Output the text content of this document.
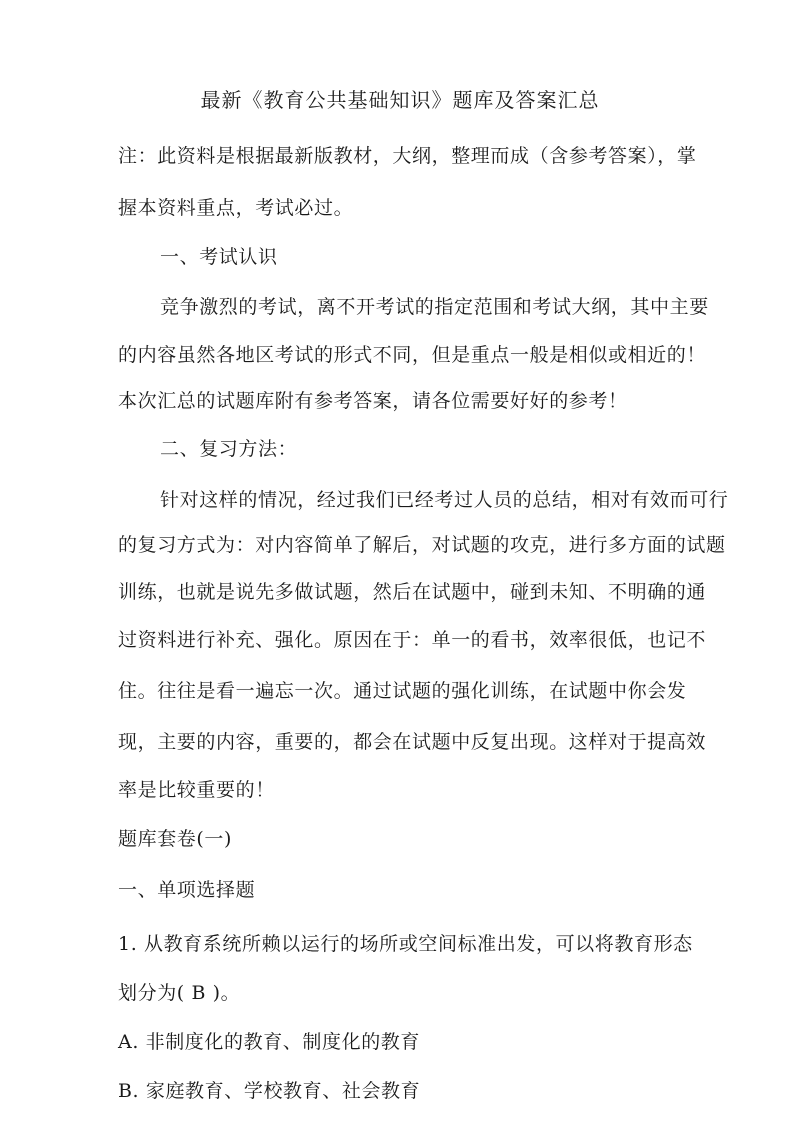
最新《教育公共基础知识》题库及答案汇总
注：此资料是根据最新版教材，大纲，整理而成（含参考答案），掌
握本资料重点，考试必过。
一、考试认识
竞争激烈的考试，离不开考试的指定范围和考试大纲，其中主要
的内容虽然各地区考试的形式不同，但是重点一般是相似或相近的！
本次汇总的试题库附有参考答案，请各位需要好好的参考！
二、复习方法：
针对这样的情况，经过我们已经考过人员的总结，相对有效而可行
的复习方式为：对内容简单了解后，对试题的攻克，进行多方面的试题
训练，也就是说先多做试题，然后在试题中，碰到未知、不明确的通
过资料进行补充、强化。原因在于：单一的看书，效率很低，也记不
住。往往是看一遍忘一次。通过试题的强化训练，在试题中你会发
现，主要的内容，重要的，都会在试题中反复出现。这样对于提高效
率是比较重要的！
题库套卷(一)
一、单项选择题
1. 从教育系统所赖以运行的场所或空间标准出发，可以将教育形态
划分为( B )。
A. 非制度化的教育、制度化的教育
B. 家庭教育、学校教育、社会教育
